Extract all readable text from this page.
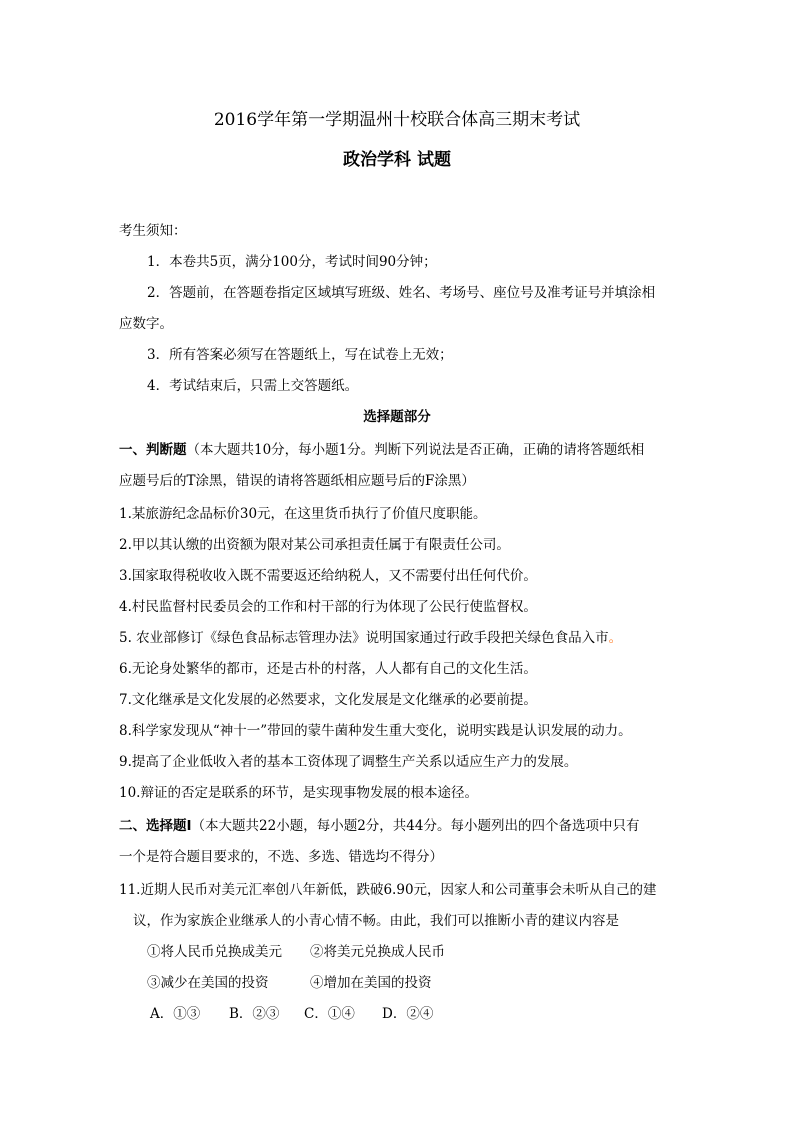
2016学年第一学期温州十校联合体高三期末考试
政治学科 试题
考生须知：
1．本卷共5页，满分100分，考试时间90分钟；
2．答题前，在答题卷指定区域填写班级、姓名、考场号、座位号及准考证号并填涂相
应数字。
3．所有答案必须写在答题纸上，写在试卷上无效；
4．考试结束后，只需上交答题纸。
选择题部分
一、判断题（本大题共10分，每小题1分。判断下列说法是否正确，正确的请将答题纸相
应题号后的T涂黑，错误的请将答题纸相应题号后的F涂黑）
1.某旅游纪念品标价30元，在这里货币执行了价值尺度职能。
2.甲以其认缴的出资额为限对某公司承担责任属于有限责任公司。
3.国家取得税收收入既不需要返还给纳税人，又不需要付出任何代价。
4.村民监督村民委员会的工作和村干部的行为体现了公民行使监督权。
5. 农业部修订《绿色食品标志管理办法》说明国家通过行政手段把关绿色食品入市。
6.无论身处繁华的都市，还是古朴的村落，人人都有自己的文化生活。
7.文化继承是文化发展的必然要求，文化发展是文化继承的必要前提。
8.科学家发现从“神十一”带回的蒙牛菌种发生重大变化，说明实践是认识发展的动力。
9.提高了企业低收入者的基本工资体现了调整生产关系以适应生产力的发展。
10.辩证的否定是联系的环节，是实现事物发展的根本途径。
二、选择题Ⅰ（本大题共22小题，每小题2分，共44分。每小题列出的四个备选项中只有
一个是符合题目要求的，不选、多选、错选均不得分）
11.近期人民币对美元汇率创八年新低，跌破6.90元，因家人和公司董事会未听从自己的建
议，作为家族企业继承人的小青心情不畅。由此，我们可以推断小青的建议内容是
①将人民币兑换成美元 ②将美元兑换成人民币
③减少在美国的投资	④增加在美国的投资
A．①③ B．②③ C．①④ D．②④
